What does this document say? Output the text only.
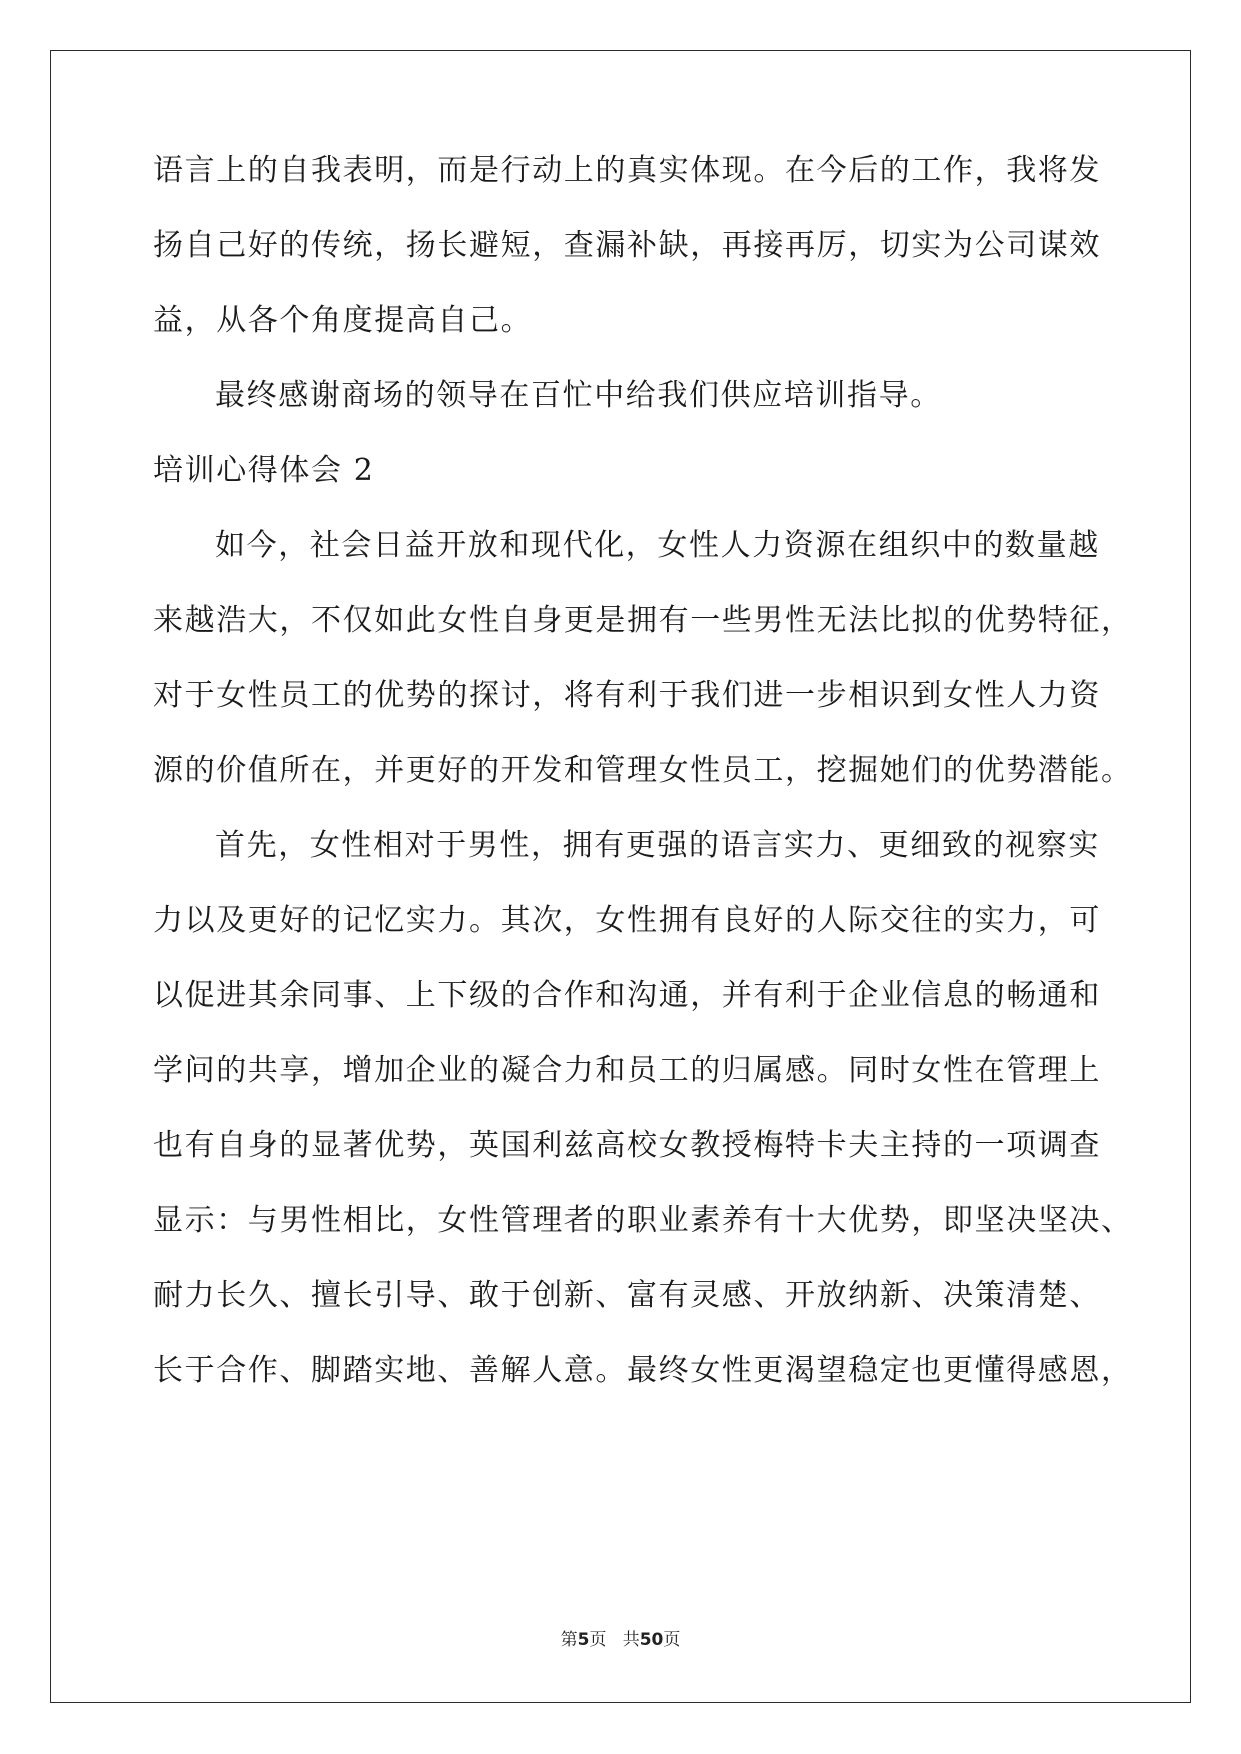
语言上的自我表明，而是行动上的真实体现。在今后的工作，我将发
扬自己好的传统，扬长避短，查漏补缺，再接再厉，切实为公司谋效
益，从各个角度提高自己。
最终感谢商场的领导在百忙中给我们供应培训指导。
培训心得体会 2
如今，社会日益开放和现代化，女性人力资源在组织中的数量越
来越浩大，不仅如此女性自身更是拥有一些男性无法比拟的优势特征，
对于女性员工的优势的探讨，将有利于我们进一步相识到女性人力资
源的价值所在，并更好的开发和管理女性员工，挖掘她们的优势潜能。
首先，女性相对于男性，拥有更强的语言实力、更细致的视察实
力以及更好的记忆实力。其次，女性拥有良好的人际交往的实力，可
以促进其余同事、上下级的合作和沟通，并有利于企业信息的畅通和
学问的共享，增加企业的凝合力和员工的归属感。同时女性在管理上
也有自身的显著优势，英国利兹高校女教授梅特卡夫主持的一项调查
显示：与男性相比，女性管理者的职业素养有十大优势，即坚决坚决、
耐力长久、擅长引导、敢于创新、富有灵感、开放纳新、决策清楚、
长于合作、脚踏实地、善解人意。最终女性更渴望稳定也更懂得感恩，
第5页 共50页
